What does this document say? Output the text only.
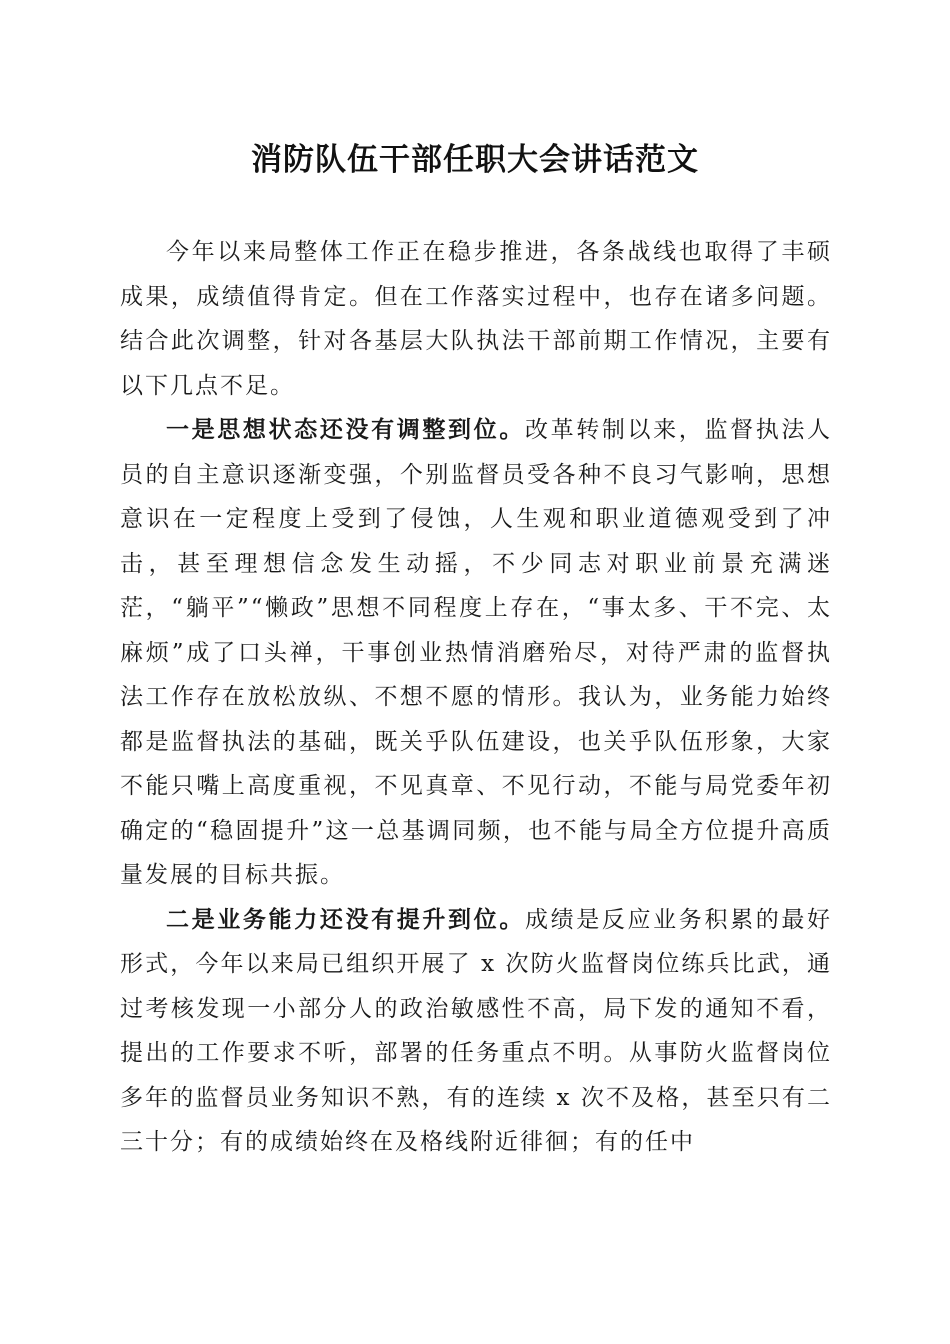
消防队伍干部任职大会讲话范文

今年以来局整体工作正在稳步推进，各条战线也取得了丰硕成果，成绩值得肯定。但在工作落实过程中，也存在诸多问题。结合此次调整，针对各基层大队执法干部前期工作情况，主要有以下几点不足。

一是思想状态还没有调整到位。改革转制以来，监督执法人员的自主意识逐渐变强，个别监督员受各种不良习气影响，思想意识在一定程度上受到了侵蚀，人生观和职业道德观受到了冲击，甚至理想信念发生动摇，不少同志对职业前景充满迷茫，“躺平”“懒政”思想不同程度上存在，“事太多、干不完、太麻烦”成了口头禅，干事创业热情消磨殆尽，对待严肃的监督执法工作存在放松放纵、不想不愿的情形。我认为，业务能力始终都是监督执法的基础，既关乎队伍建设，也关乎队伍形象，大家不能只嘴上高度重视，不见真章、不见行动，不能与局党委年初确定的“稳固提升”这一总基调同频，也不能与局全方位提升高质量发展的目标共振。

二是业务能力还没有提升到位。成绩是反应业务积累的最好形式，今年以来局已组织开展了 x 次防火监督岗位练兵比武，通过考核发现一小部分人的政治敏感性不高，局下发的通知不看，提出的工作要求不听，部署的任务重点不明。从事防火监督岗位多年的监督员业务知识不熟，有的连续 x 次不及格，甚至只有二三十分；有的成绩始终在及格线附近徘徊；有的任中
